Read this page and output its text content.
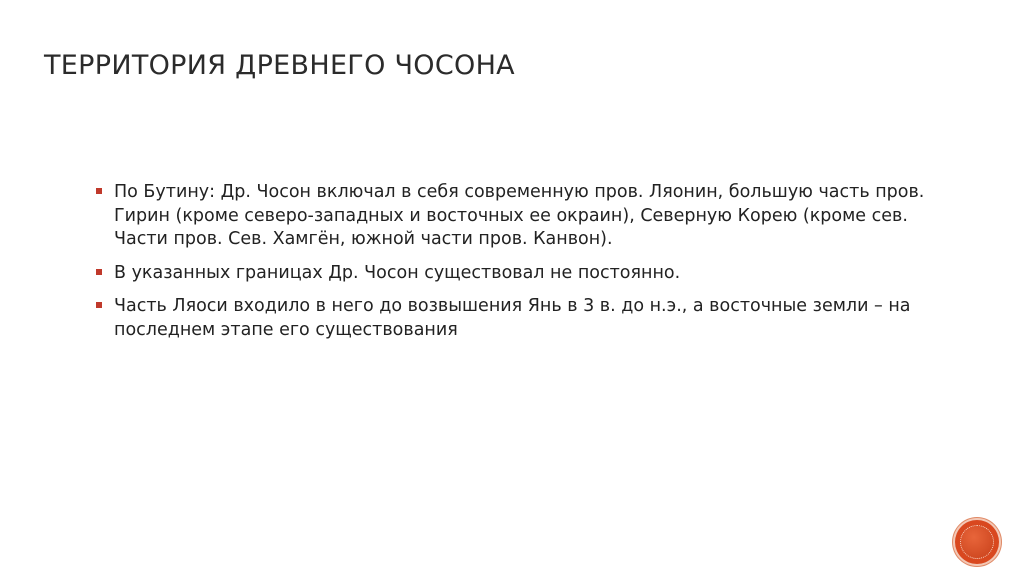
ТЕРРИТОРИЯ ДРЕВНЕГО ЧОСОНА
По Бутину: Др. Чосон включал в себя современную пров. Ляонин, большую часть пров. Гирин (кроме северо-западных и восточных ее окраин), Северную Корею (кроме сев. Части пров. Сев. Хамгён, южной части пров. Канвон).
В указанных границах Др. Чосон существовал не постоянно.
Часть Ляоси входило в него до возвышения Янь в 3 в. до н.э., а восточные земли – на последнем этапе его существования
